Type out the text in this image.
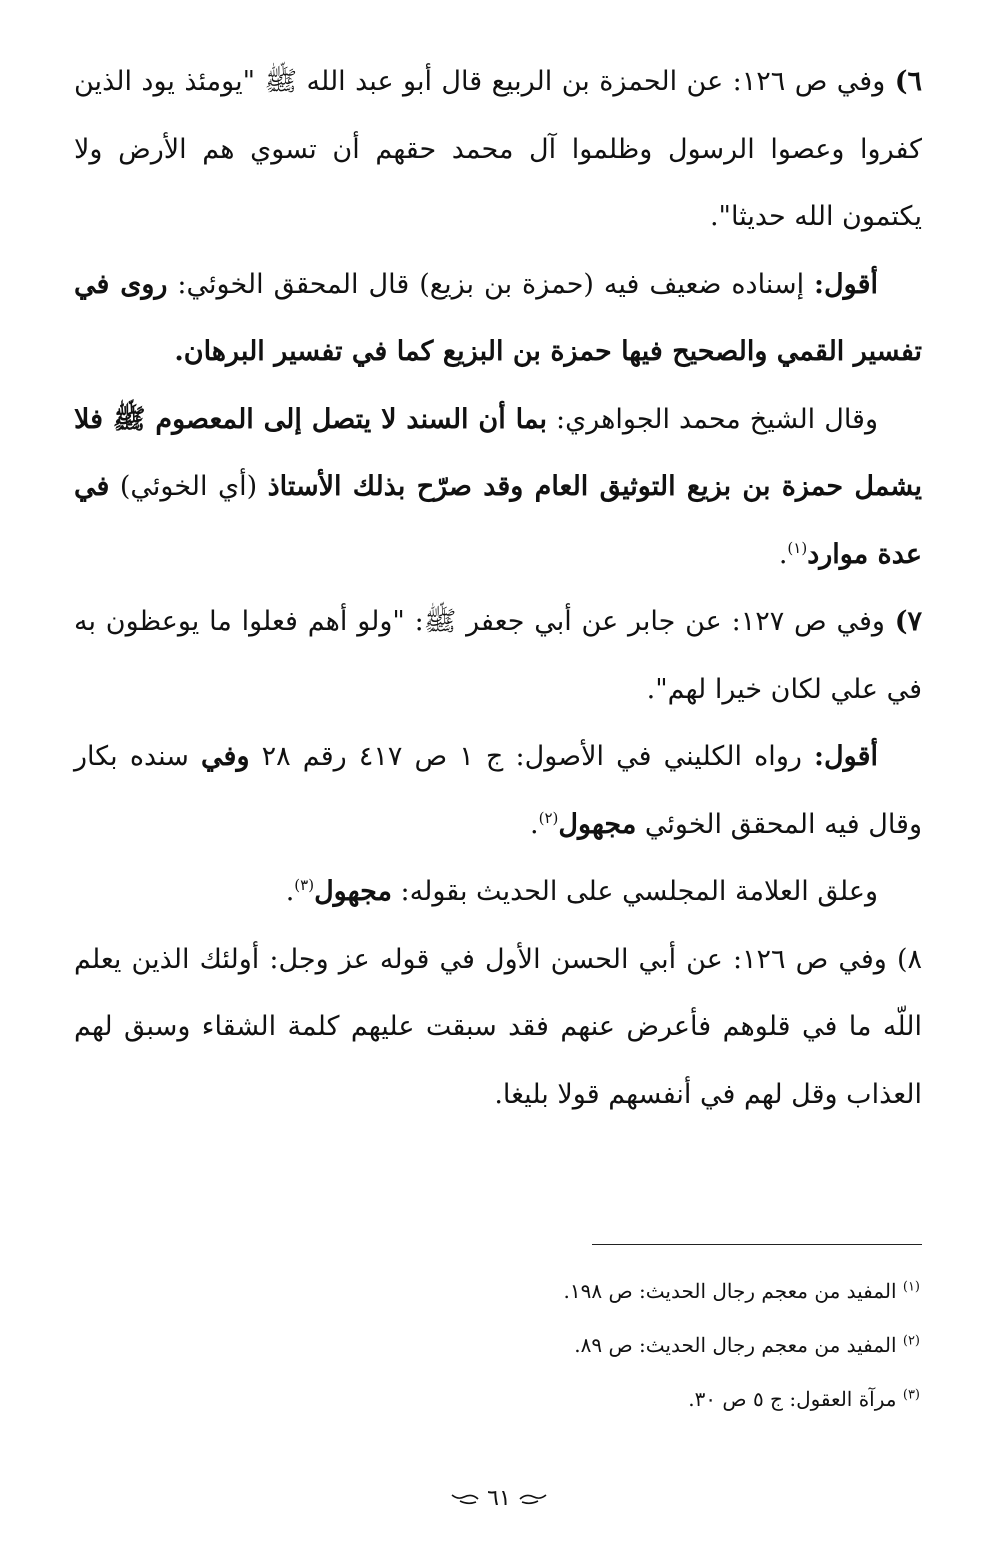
٦) وفي ص ١٢٦: عن الحمزة بن الربيع قال أبو عبد الله ﷺ "يومئذ يود الذين كفروا وعصوا الرسول وظلموا آل محمد حقهم أن تسوي هم الأرض ولا يكتمون الله حديثا".

أقول: إسناده ضعيف فيه (حمزة بن بزيع) قال المحقق الخوئي: روى في تفسير القمي والصحيح فيها حمزة بن البزيع كما في تفسير البرهان.

وقال الشيخ محمد الجواهري: بما أن السند لا يتصل إلى المعصوم ﷺ فلا يشمل حمزة بن بزيع التوثيق العام وقد صرّح بذلك الأستاذ (أي الخوئي) في عدة موارد$^{(١)}$.

٧) وفي ص ١٢٧: عن جابر عن أبي جعفر ﷺ: "ولو أهم فعلوا ما يوعظون به في علي لكان خيرا لهم".

أقول: رواه الكليني في الأصول: ج ١ ص ٤١٧ رقم ٢٨ وفي سنده بكار وقال فيه المحقق الخوئي مجهول$^{(٢)}$.

وعلق العلامة المجلسي على الحديث بقوله: مجهول$^{(٣)}$.

٨) وفي ص ١٢٦: عن أبي الحسن الأول في قوله عز وجل: أولئك الذين يعلم اللّه ما في قلوهم فأعرض عنهم فقد سبقت عليهم كلمة الشقاء وسبق لهم العذاب وقل لهم في أنفسهم قولا بليغا.

$^{(١)}$ المفيد من معجم رجال الحديث: ص ١٩٨.

$^{(٢)}$ المفيد من معجم رجال الحديث: ص ٨٩.

$^{(٣)}$ مرآة العقول: ج ٥ ص ٣٠.

٦١
